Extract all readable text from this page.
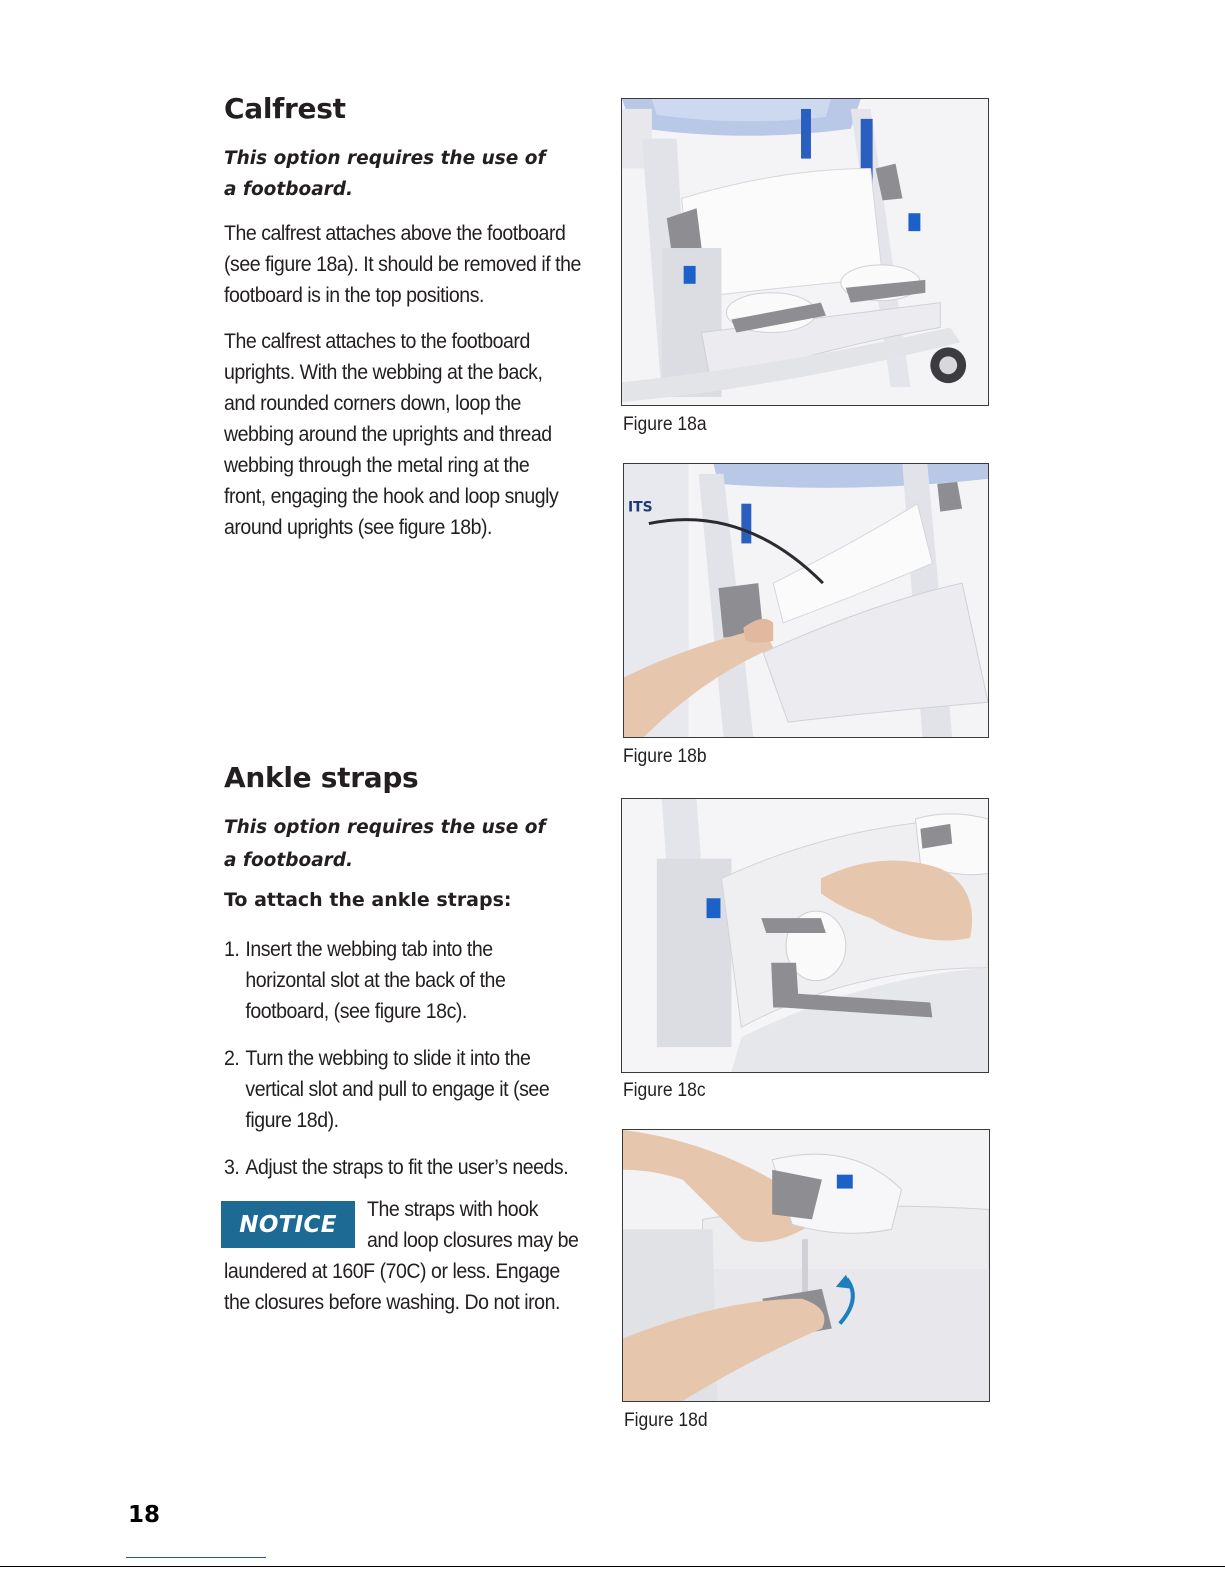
Calfrest
This option requires the use of
a footboard.
The calfrest attaches above the footboard
(see figure 18a). It should be removed if the
footboard is in the top positions.
The calfrest attaches to the footboard
uprights. With the webbing at the back,
and rounded corners down, loop the
webbing around the uprights and thread
webbing through the metal ring at the
front, engaging the hook and loop snugly
around uprights (see figure 18b).
Ankle straps
This option requires the use of
a footboard.
To attach the ankle straps:
1. Insert the webbing tab into the
horizontal slot at the back of the
footboard, (see figure 18c).
2. Turn the webbing to slide it into the
vertical slot and pull to engage it (see
figure 18d).
3. Adjust the straps to fit the user’s needs.
NOTICE
The straps with hook
and loop closures may be
laundered at 160F (70C) or less. Engage
the closures before washing. Do not iron.
Figure 18a
ITS
Figure 18b
Figure 18c
Figure 18d
18
